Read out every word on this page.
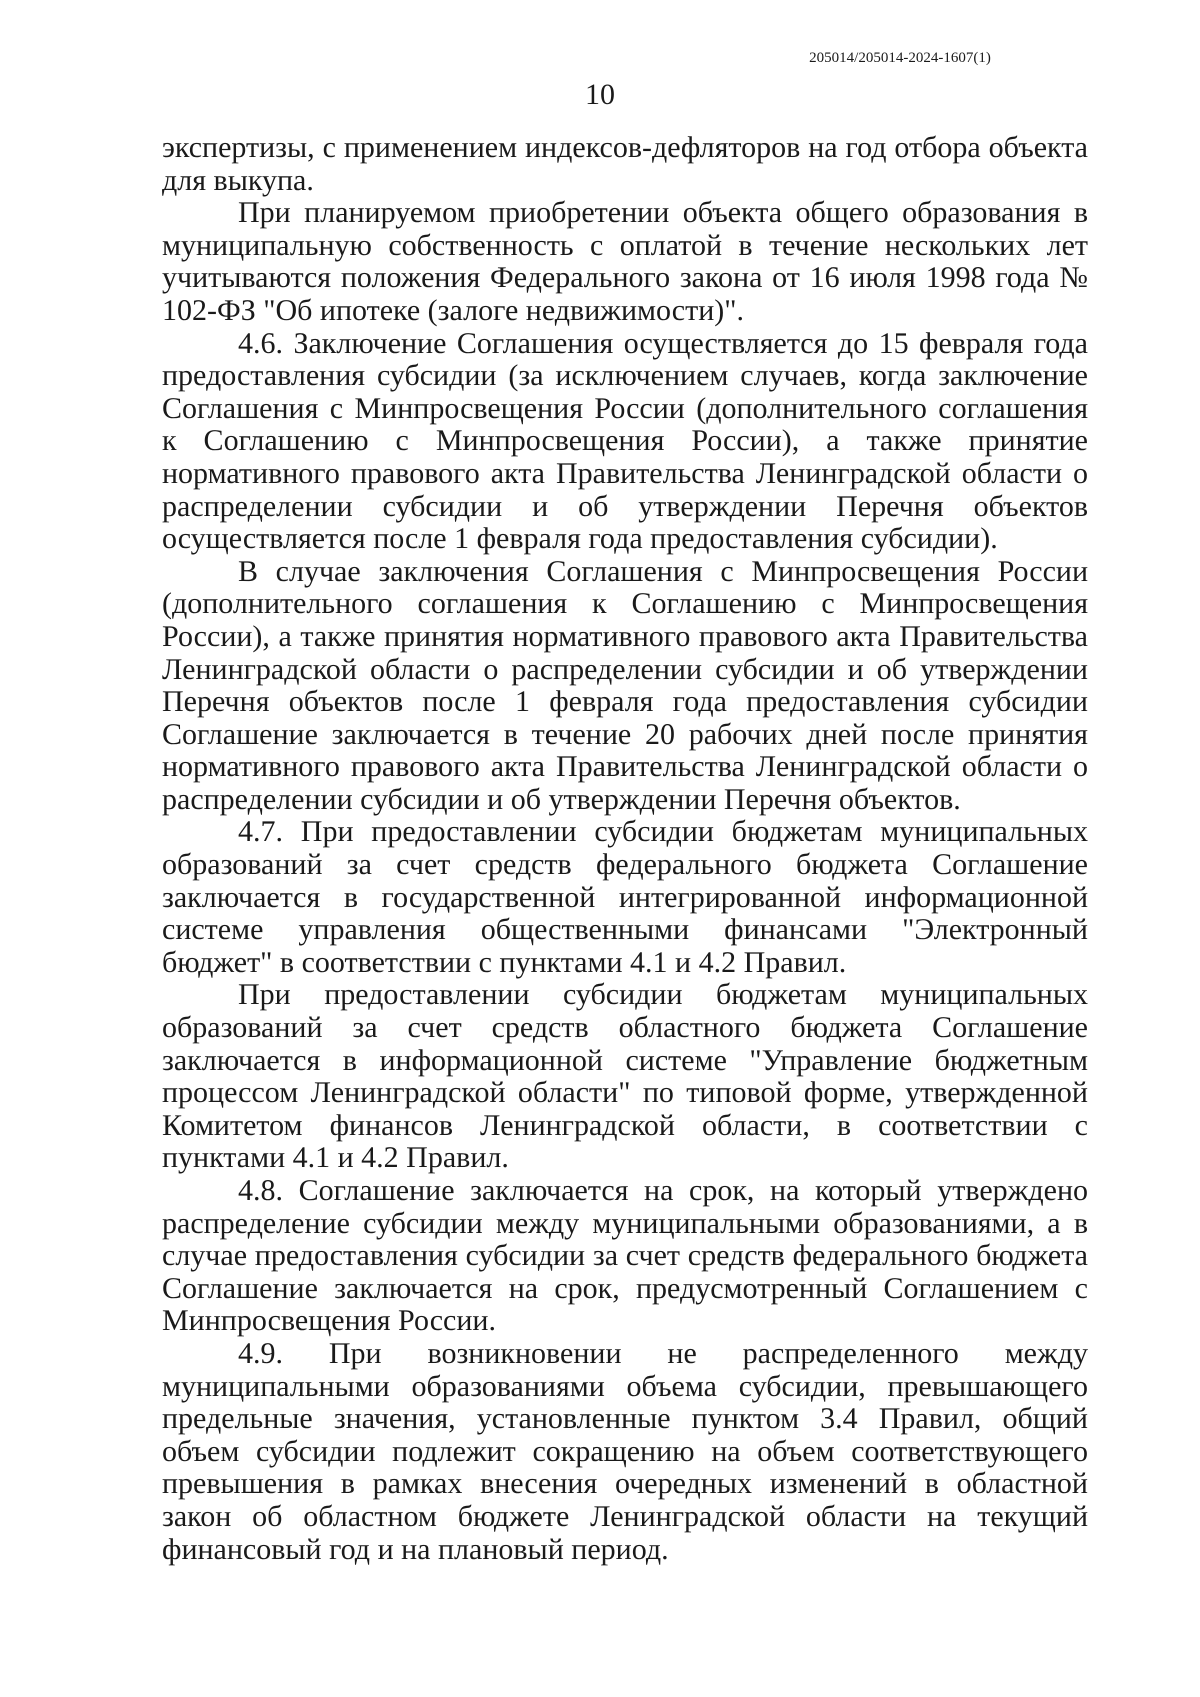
205014/205014-2024-1607(1)
10

экспертизы, с применением индексов-дефляторов на год отбора объекта для выкупа.

При планируемом приобретении объекта общего образования в муниципальную собственность с оплатой в течение нескольких лет учитываются положения Федерального закона от 16 июля 1998 года № 102-ФЗ "Об ипотеке (залоге недвижимости)".

4.6. Заключение Соглашения осуществляется до 15 февраля года предоставления субсидии (за исключением случаев, когда заключение Соглашения с Минпросвещения России (дополнительного соглашения к Соглашению с Минпросвещения России), а также принятие нормативного правового акта Правительства Ленинградской области о распределении субсидии и об утверждении Перечня объектов осуществляется после 1 февраля года предоставления субсидии).

В случае заключения Соглашения с Минпросвещения России (дополнительного соглашения к Соглашению с Минпросвещения России), а также принятия нормативного правового акта Правительства Ленинградской области о распределении субсидии и об утверждении Перечня объектов после 1 февраля года предоставления субсидии Соглашение заключается в течение 20 рабочих дней после принятия нормативного правового акта Правительства Ленинградской области о распределении субсидии и об утверждении Перечня объектов.

4.7. При предоставлении субсидии бюджетам муниципальных образований за счет средств федерального бюджета Соглашение заключается в государственной интегрированной информационной системе управления общественными финансами "Электронный бюджет" в соответствии с пунктами 4.1 и 4.2 Правил.

При предоставлении субсидии бюджетам муниципальных образований за счет средств областного бюджета Соглашение заключается в информационной системе "Управление бюджетным процессом Ленинградской области" по типовой форме, утвержденной Комитетом финансов Ленинградской области, в соответствии с пунктами 4.1 и 4.2 Правил.

4.8. Соглашение заключается на срок, на который утверждено распределение субсидии между муниципальными образованиями, а в случае предоставления субсидии за счет средств федерального бюджета Соглашение заключается на срок, предусмотренный Соглашением с Минпросвещения России.

4.9. При возникновении не распределенного между муниципальными образованиями объема субсидии, превышающего предельные значения, установленные пунктом 3.4 Правил, общий объем субсидии подлежит сокращению на объем соответствующего превышения в рамках внесения очередных изменений в областной закон об областном бюджете Ленинградской области на текущий финансовый год и на плановый период.
